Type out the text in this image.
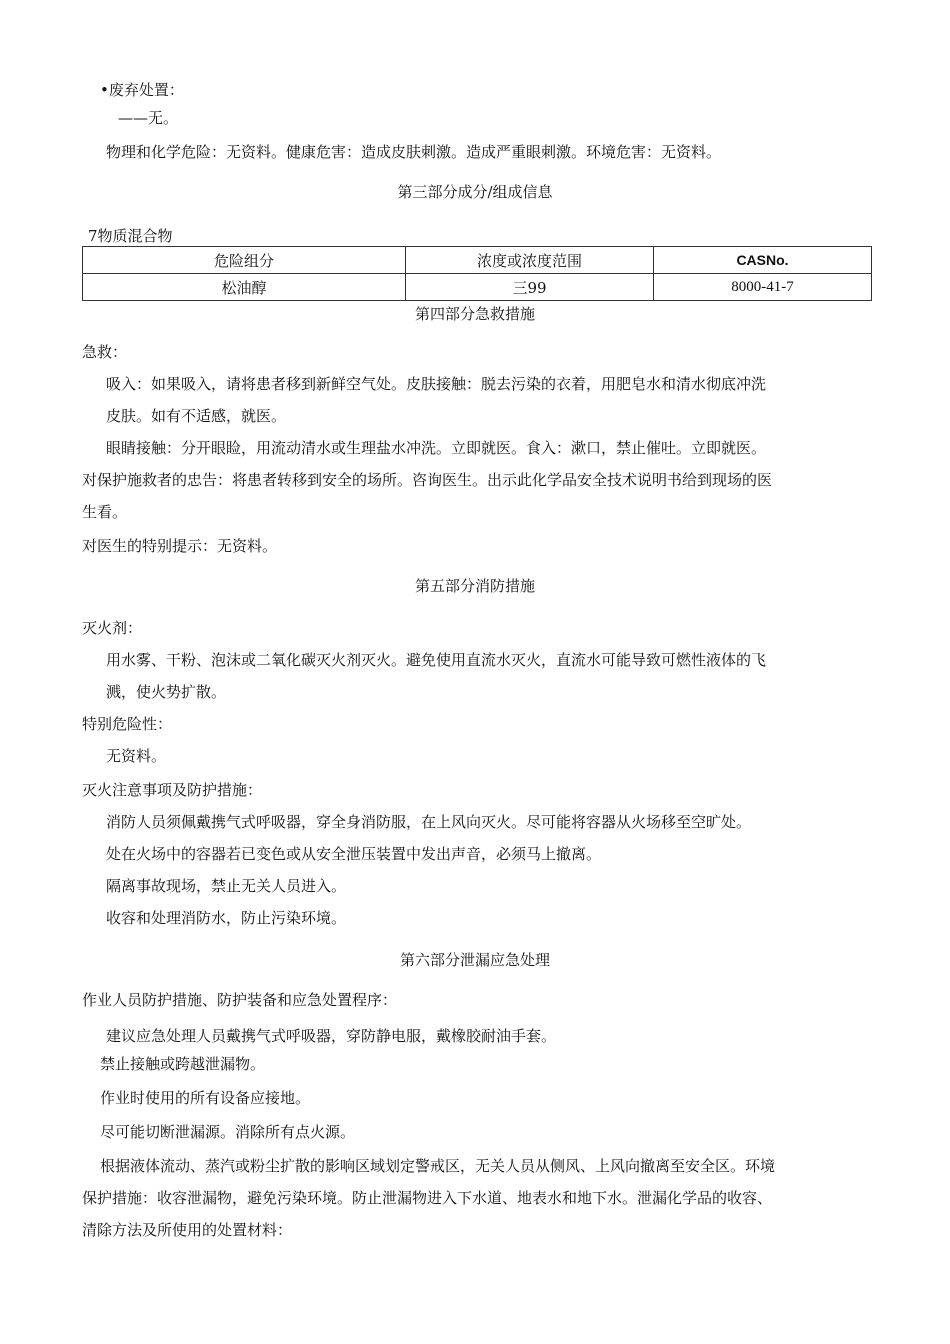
•废弃处置：
——无。
物理和化学危险：无资料。健康危害：造成皮肤刺激。造成严重眼刺激。环境危害：无资料。
第三部分成分/组成信息
7物质混合物
危险组分	浓度或浓度范围	CASNo.
松油醇	三99	8000-41-7
第四部分急救措施
急救：
吸入：如果吸入，请将患者移到新鲜空气处。皮肤接触：脱去污染的衣着，用肥皂水和清水彻底冲洗
皮肤。如有不适感，就医。
眼睛接触：分开眼睑，用流动清水或生理盐水冲洗。立即就医。食入：漱口，禁止催吐。立即就医。
对保护施救者的忠告：将患者转移到安全的场所。咨询医生。出示此化学品安全技术说明书给到现场的医
生看。
对医生的特别提示：无资料。
第五部分消防措施
灭火剂：
用水雾、干粉、泡沫或二氧化碳灭火剂灭火。避免使用直流水灭火，直流水可能导致可燃性液体的飞
溅，使火势扩散。
特别危险性：
无资料。
灭火注意事项及防护措施：
消防人员须佩戴携气式呼吸器，穿全身消防服，在上风向灭火。尽可能将容器从火场移至空旷处。
处在火场中的容器若已变色或从安全泄压装置中发出声音，必须马上撤离。
隔离事故现场，禁止无关人员进入。
收容和处理消防水，防止污染环境。
第六部分泄漏应急处理
作业人员防护措施、防护装备和应急处置程序：
建议应急处理人员戴携气式呼吸器，穿防静电服，戴橡胶耐油手套。
禁止接触或跨越泄漏物。
作业时使用的所有设备应接地。
尽可能切断泄漏源。消除所有点火源。
根据液体流动、蒸汽或粉尘扩散的影响区域划定警戒区，无关人员从侧风、上风向撤离至安全区。环境
保护措施：收容泄漏物，避免污染环境。防止泄漏物进入下水道、地表水和地下水。泄漏化学品的收容、
清除方法及所使用的处置材料：
